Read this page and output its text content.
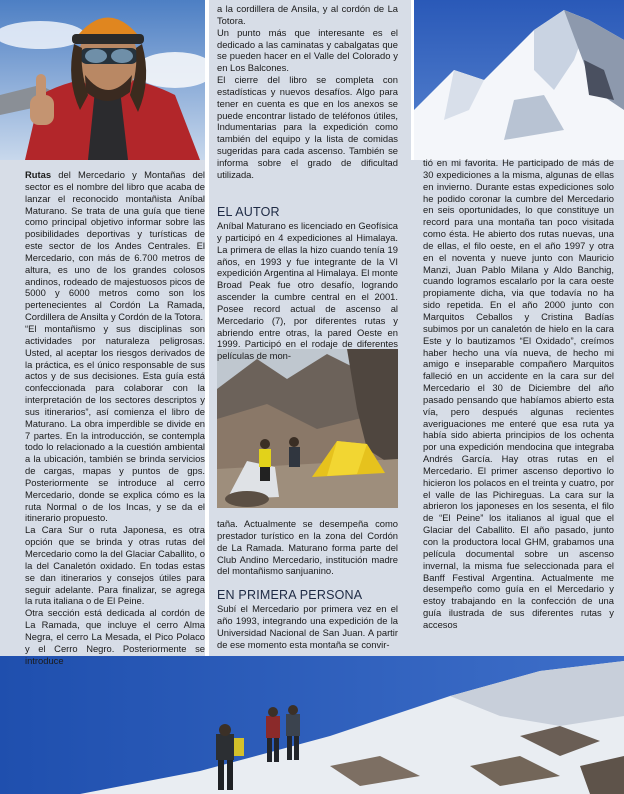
Rutas del Mercedario y Montañas del sector es el nombre del libro que acaba de lanzar el reconocido montañista Aníbal Maturano. Se trata de una guía que tiene como principal objetivo informar sobre las posibilidades deportivas y turísticas de este sector de los Andes Centrales. El Mercedario, con más de 6.700 metros de altura, es uno de los grandes colosos andinos, rodeado de majestuosos picos de 5000 y 6000 metros como son los pertenecientes al Cordón La Ramada, Cordillera de Ansilta y Cordón de la Totora.

“El montañismo y sus disciplinas son actividades por naturaleza peligrosas. Usted, al aceptar los riesgos derivados de la práctica, es el único responsable de sus actos y de sus decisiones. Esta guía está confeccionada para colaborar con la interpretación de los sectores descriptos y sus itinerarios”, así comienza el libro de Maturano. La obra imperdible se divide en 7 partes. En la introducción, se contempla todo lo relacionado a la cuestión ambiental a la ubicación, también se brinda servicios de cargas, mapas y puntos de gps. Posteriormente se introduce al cerro Mercedario, donde se explica cómo es la ruta Normal o de los Incas, y se da el itinerario propuesto.

La Cara Sur o ruta Japonesa, es otra opción que se brinda y otras rutas del Mercedario como la del Glaciar Caballito, o la del Canaletón oxidado. En todas estas se dan itinerarios y consejos útiles para seguir adelante. Para finalizar, se agrega la ruta italiana o de El Peine.

Otra sección está dedicada al cordón de La Ramada, que incluye el cerro Alma Negra, el cerro La Mesada, el Pico Polaco y el Cerro Negro. Posteriormente se introduce

a la cordillera de Ansila, y al cordón de La Totora.

Un punto más que interesante es el dedicado a las caminatas y cabalgatas que se pueden hacer en el Valle del Colorado y en Los Balcones.

El cierre del libro se completa con estadísticas y nuevos desafíos. Algo para tener en cuenta es que en los anexos se puede encontrar listado de teléfonos útiles, Indumentarias para la expedición como también del equipo y la lista de comidas sugeridas para cada ascenso. También se informa sobre el grado de dificultad utilizada.

EL AUTOR
Aníbal Maturano es licenciado en Geofísica y participó en 4 expediciones al Himalaya. La primera de ellas la hizo cuando tenía 19 años, en 1993 y fue integrante de la VI expedición Argentina al Himalaya. El monte Broad Peak fue otro desafío, logrando ascender la cumbre central en el 2001. Posee record actual de ascenso al Mercedario (7), por diferentes rutas y abriendo entre otras, la pared Oeste en 1999. Participó en el rodaje de diferentes películas de mon-
taña. Actualmente se desempeña como prestador turístico en la zona del Cordón de La Ramada. Maturano forma parte del Club Andino Mercedario, institución madre del montañismo sanjuanino.
EN PRIMERA PERSONA
Subí el Mercedario por primera vez en el año 1993, integrando una expedición de la Universidad Nacional de San Juan. A partir de ese momento esta montaña se convir-
tió en mi favorita. He participado de más de 30 expediciones a la misma, algunas de ellas en invierno. Durante estas expediciones solo he podido coronar la cumbre del Mercedario en seis oportunidades, lo que constituye un record para una montaña tan poco visitada como ésta. He abierto dos rutas nuevas, una de ellas, el filo oeste, en el año 1997 y otra en el noventa y nueve junto con Mauricio Manzi, Juan Pablo Milana y Aldo Banchig, cuando logramos escalarlo por la cara oeste propiamente dicha, via que todavía no ha sido repetida. En el año 2000 junto con Marquitos Ceballos y Cristina Badías subimos por un canaletón de hielo en la cara Este y lo bautizamos “El Oxidado”, creímos haber hecho una vía nueva, de hecho mi amigo e inseparable compañero Marquitos falleció en un accidente en la cara sur del Mercedario el 30 de Diciembre del año pasado pensando que habíamos abierto esta vía, pero después algunas recientes averiguaciones me enteré que esa ruta ya había sido abierta principios de los ochenta por una expedición mendocina que integraba Andrés García. Hay otras rutas en el Mercedario. El primer ascenso deportivo lo hicieron los polacos en el treinta y cuatro, por el valle de las Pichireguas. La cara sur la abrieron los japoneses en los sesenta, el filo de “El Peine” los italianos al igual que el Glaciar del Caballito. El año pasado, junto con la productora local GHM, grabamos una película documental sobre un ascenso invernal, la misma fue seleccionada para el Banff Festival Argentina. Actualmente me desempeño como guía en el Mercedario y estoy trabajando en la confección de una guía ilustrada de sus diferentes rutas y accesos
